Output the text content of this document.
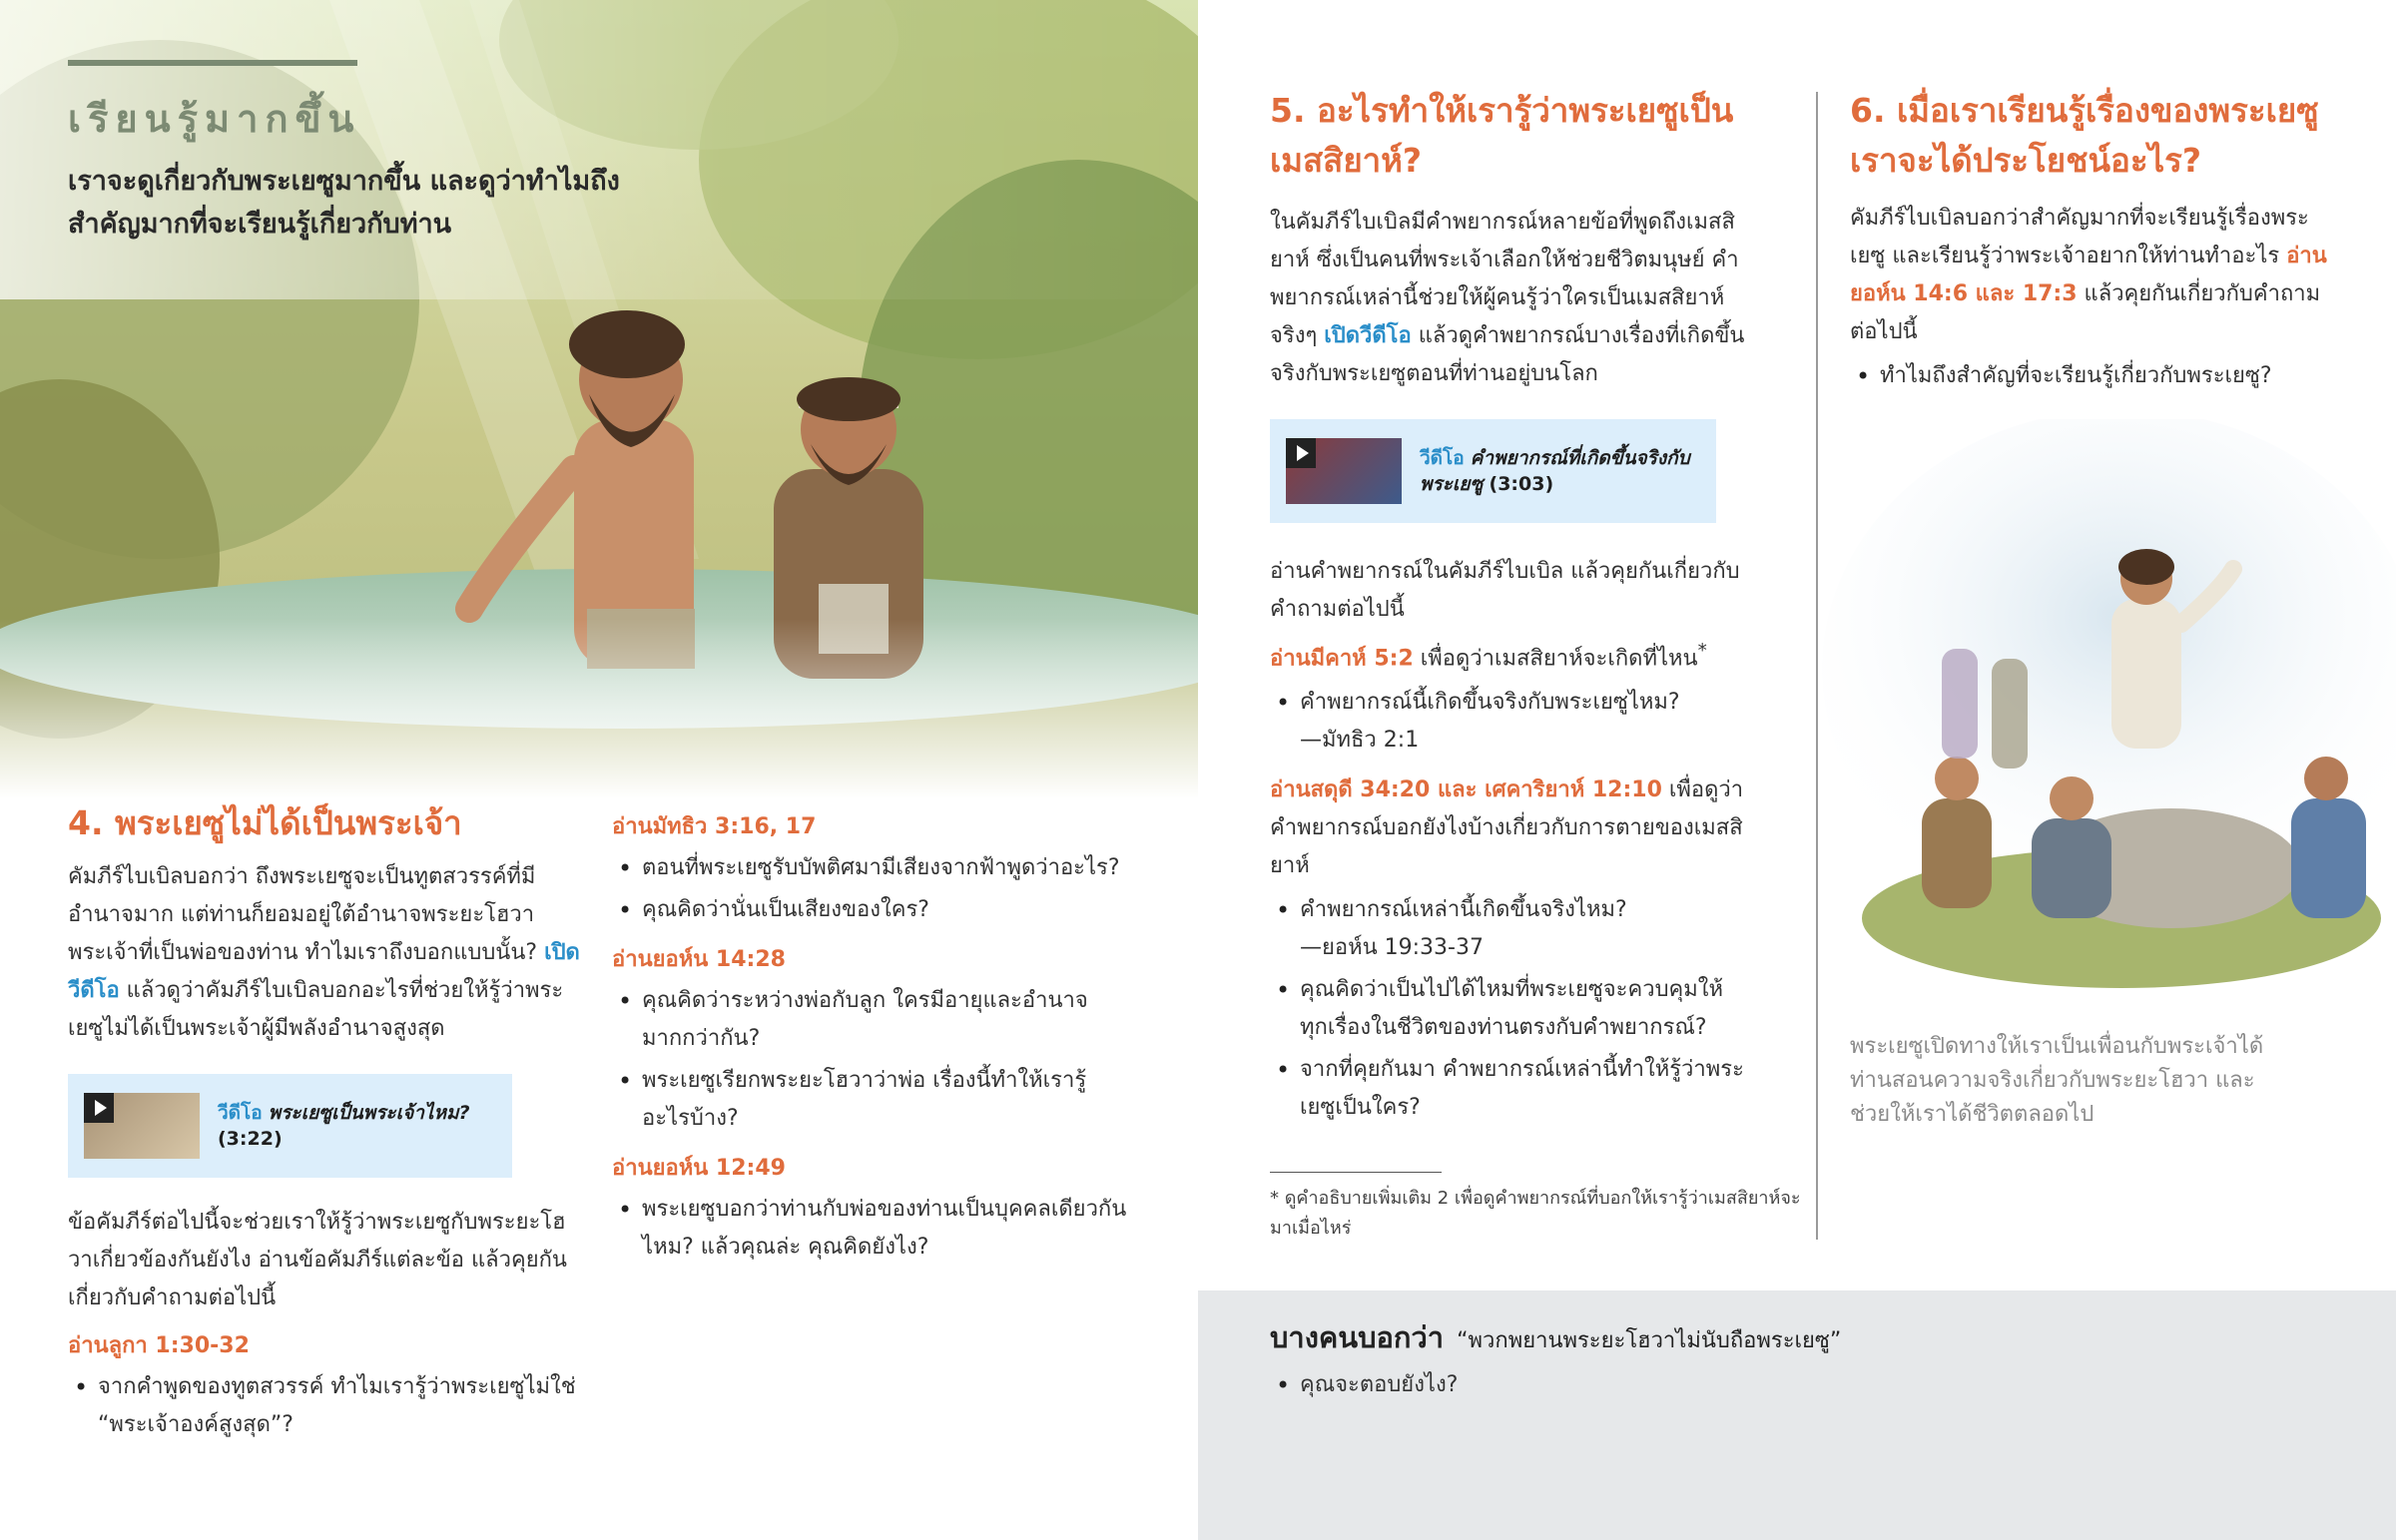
เรียนรู้มากขึ้น
เราจะดูเกี่ยวกับพระเยซูมากขึ้น และดูว่าทำไมถึงสำคัญมากที่จะเรียนรู้เกี่ยวกับท่าน
4. พระเยซูไม่ได้เป็นพระเจ้า
คัมภีร์ไบเบิลบอกว่า ถึงพระเยซูจะเป็นทูตสวรรค์ที่มีอำนาจมาก แต่ท่านก็ยอมอยู่ใต้อำนาจพระยะโฮวาพระเจ้าที่เป็นพ่อของท่าน ทำไมเราถึงบอกแบบนั้น? เปิดวีดีโอ แล้วดูว่าคัมภีร์ไบเบิลบอกอะไรที่ช่วยให้รู้ว่าพระเยซูไม่ได้เป็นพระเจ้าผู้มีพลังอำนาจสูงสุด
วีดีโอ พระเยซูเป็นพระเจ้าไหม?
(3:22)
ข้อคัมภีร์ต่อไปนี้จะช่วยเราให้รู้ว่าพระเยซูกับพระยะโฮวาเกี่ยวข้องกันยังไง อ่านข้อคัมภีร์แต่ละข้อ แล้วคุยกันเกี่ยวกับคำถามต่อไปนี้
อ่านลูกา 1:30-32
• จากคำพูดของทูตสวรรค์ ทำไมเรารู้ว่าพระเยซูไม่ใช่ “พระเจ้าองค์สูงสุด”?
อ่านมัทธิว 3:16, 17
• ตอนที่พระเยซูรับบัพติศมามีเสียงจากฟ้าพูดว่าอะไร?
• คุณคิดว่านั่นเป็นเสียงของใคร?
อ่านยอห์น 14:28
• คุณคิดว่าระหว่างพ่อกับลูก ใครมีอายุและอำนาจมากกว่ากัน?
• พระเยซูเรียกพระยะโฮวาว่าพ่อ เรื่องนี้ทำให้เรารู้อะไรบ้าง?
อ่านยอห์น 12:49
• พระเยซูบอกว่าท่านกับพ่อของท่านเป็นบุคคลเดียวกันไหม? แล้วคุณล่ะ คุณคิดยังไง?
5. อะไรทำให้เรารู้ว่าพระเยซูเป็นเมสสิยาห์?
ในคัมภีร์ไบเบิลมีคำพยากรณ์หลายข้อที่พูดถึงเมสสิยาห์ ซึ่งเป็นคนที่พระเจ้าเลือกให้ช่วยชีวิตมนุษย์ คำพยากรณ์เหล่านี้ช่วยให้ผู้คนรู้ว่าใครเป็นเมสสิยาห์จริงๆ เปิดวีดีโอ แล้วดูคำพยากรณ์บางเรื่องที่เกิดขึ้นจริงกับพระเยซูตอนที่ท่านอยู่บนโลก
วีดีโอ คำพยากรณ์ที่เกิดขึ้นจริงกับพระเยซู (3:03)
อ่านคำพยากรณ์ในคัมภีร์ไบเบิล แล้วคุยกันเกี่ยวกับคำถามต่อไปนี้
อ่านมีคาห์ 5:2 เพื่อดูว่าเมสสิยาห์จะเกิดที่ไหน*
• คำพยากรณ์นี้เกิดขึ้นจริงกับพระเยซูไหม?
—มัทธิว 2:1
อ่านสดุดี 34:20 และ เศคาริยาห์ 12:10 เพื่อดูว่าคำพยากรณ์บอกยังไงบ้างเกี่ยวกับการตายของเมสสิยาห์
• คำพยากรณ์เหล่านี้เกิดขึ้นจริงไหม?
—ยอห์น 19:33-37
• คุณคิดว่าเป็นไปได้ไหมที่พระเยซูจะควบคุมให้ทุกเรื่องในชีวิตของท่านตรงกับคำพยากรณ์?
• จากที่คุยกันมา คำพยากรณ์เหล่านี้ทำให้รู้ว่าพระเยซูเป็นใคร?
* ดูคำอธิบายเพิ่มเติม 2 เพื่อดูคำพยากรณ์ที่บอกให้เรารู้ว่าเมสสิยาห์จะมาเมื่อไหร่
6. เมื่อเราเรียนรู้เรื่องของพระเยซูเราจะได้ประโยชน์อะไร?
คัมภีร์ไบเบิลบอกว่าสำคัญมากที่จะเรียนรู้เรื่องพระเยซู และเรียนรู้ว่าพระเจ้าอยากให้ท่านทำอะไร อ่านยอห์น 14:6 และ 17:3 แล้วคุยกันเกี่ยวกับคำถามต่อไปนี้
• ทำไมถึงสำคัญที่จะเรียนรู้เกี่ยวกับพระเยซู?
พระเยซูเปิดทางให้เราเป็นเพื่อนกับพระเจ้าได้ ท่านสอนความจริงเกี่ยวกับพระยะโฮวา และช่วยให้เราได้ชีวิตตลอดไป
บางคนบอกว่า “พวกพยานพระยะโฮวาไม่นับถือพระเยซู”
• คุณจะตอบยังไง?
